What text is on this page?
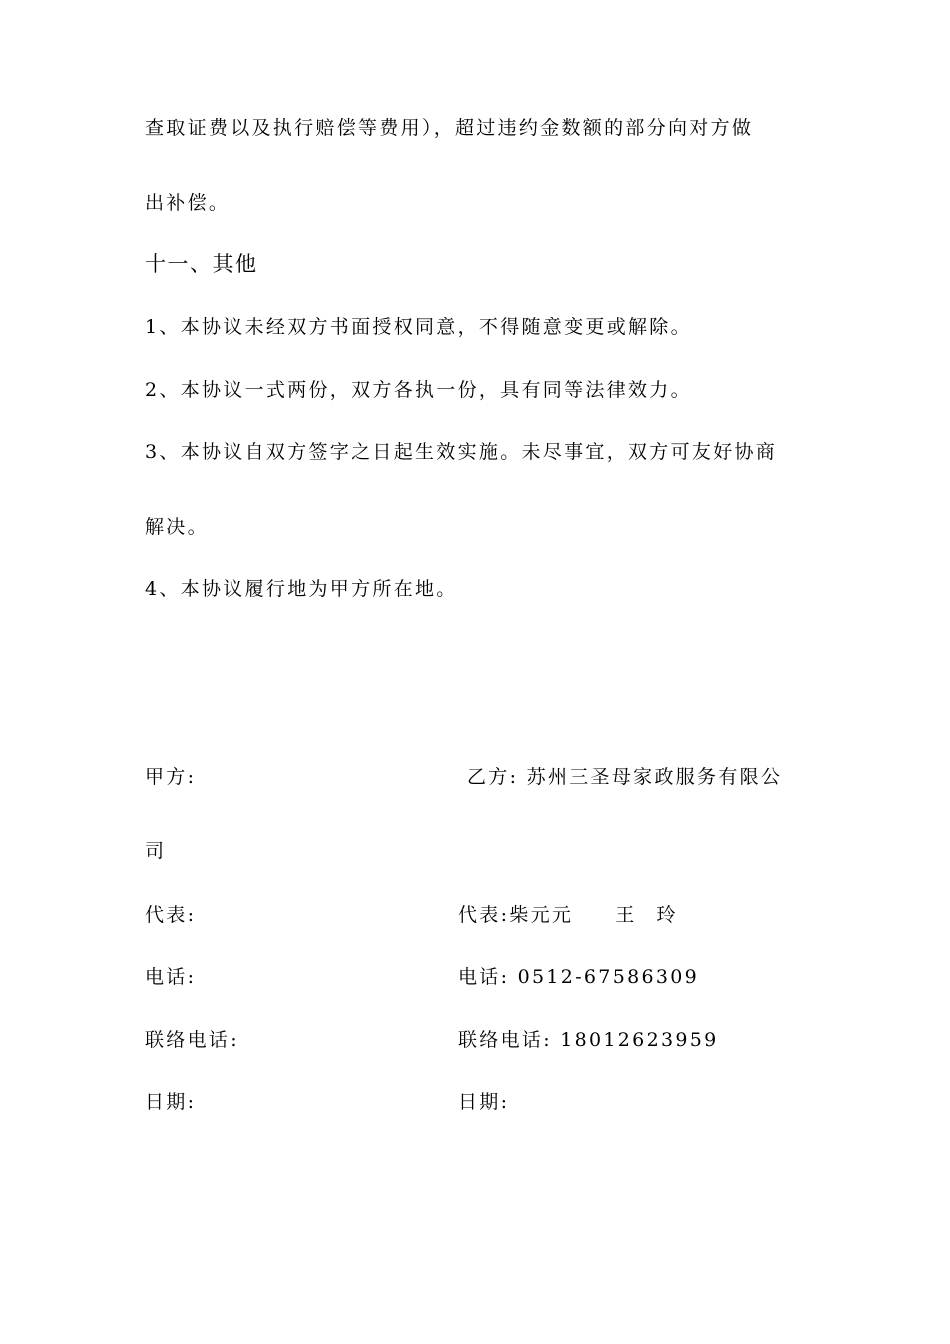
查取证费以及执行赔偿等费用），超过违约金数额的部分向对方做
出补偿。
十一、其他
1、本协议未经双方书面授权同意，不得随意变更或解除。
2、本协议一式两份，双方各执一份，具有同等法律效力。
3、本协议自双方签字之日起生效实施。未尽事宜，双方可友好协商
解决。
4、本协议履行地为甲方所在地。
甲方:
代表:
电话:
联络电话:
日期:
乙方: 苏州三圣母家政服务有限公
司
代表:柴元元 王 玲
电话: 0512-67586309
联络电话: 18012623959
日期:
